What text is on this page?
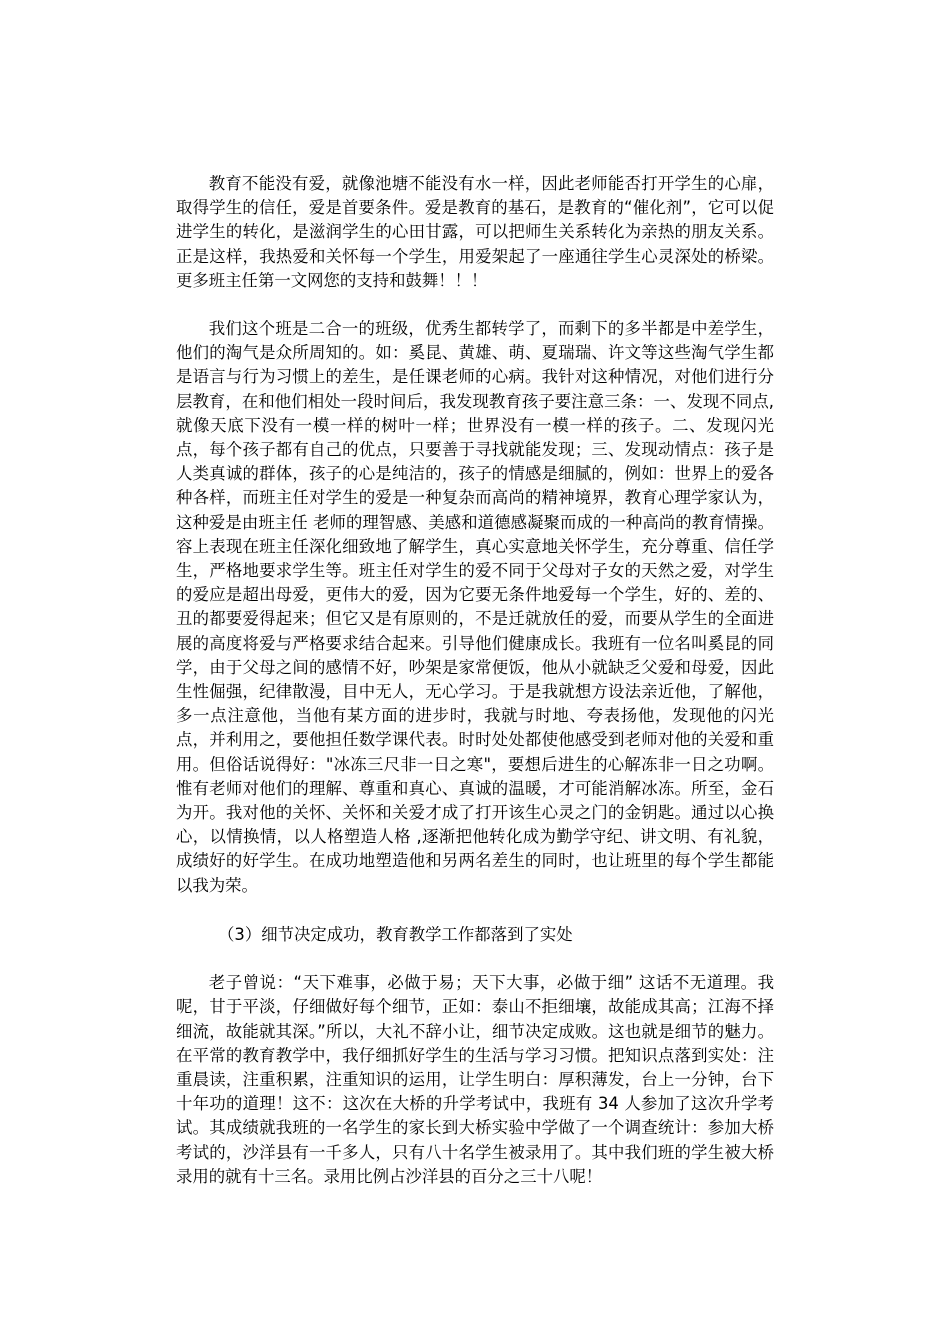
教育不能没有爱，就像池塘不能没有水一样，因此老师能否打开学生的心扉，取得学生的信任，爱是首要条件。爱是教育的基石，是教育的“催化剂”，它可以促进学生的转化，是滋润学生的心田甘露，可以把师生关系转化为亲热的朋友关系。正是这样，我热爱和关怀每一个学生，用爱架起了一座通往学生心灵深处的桥梁。更多班主任第一文网您的支持和鼓舞！！！

我们这个班是二合一的班级，优秀生都转学了，而剩下的多半都是中差学生，他们的淘气是众所周知的。如：奚昆、黄雄、萌、夏瑞瑞、许文等这些淘气学生都是语言与行为习惯上的差生，是任课老师的心病。我针对这种情况，对他们进行分层教育，在和他们相处一段时间后，我发现教育孩子要注意三条：一、发现不同点,就像天底下没有一模一样的树叶一样；世界没有一模一样的孩子。二、发现闪光点，每个孩子都有自己的优点，只要善于寻找就能发现；三、发现动情点：孩子是人类真诚的群体，孩子的心是纯洁的，孩子的情感是细腻的，例如：世界上的爱各种各样，而班主任对学生的爱是一种复杂而高尚的精神境界，教育心理学家认为，这种爱是由班主任 老师的理智感、美感和道德感凝聚而成的一种高尚的教育情操。容上表现在班主任深化细致地了解学生，真心实意地关怀学生，充分尊重、信任学生，严格地要求学生等。班主任对学生的爱不同于父母对子女的天然之爱，对学生的爱应是超出母爱，更伟大的爱，因为它要无条件地爱每一个学生，好的、差的、丑的都要爱得起来；但它又是有原则的，不是迁就放任的爱，而要从学生的全面进展的高度将爱与严格要求结合起来。引导他们健康成长。我班有一位名叫奚昆的同学，由于父母之间的感情不好，吵架是家常便饭，他从小就缺乏父爱和母爱，因此生性倔强，纪律散漫，目中无人，无心学习。于是我就想方设法亲近他，了解他，多一点注意他，当他有某方面的进步时，我就与时地、夸表扬他，发现他的闪光点，并利用之，要他担任数学课代表。时时处处都使他感受到老师对他的关爱和重用。但俗话说得好："冰冻三尺非一日之寒"，要想后进生的心解冻非一日之功啊。惟有老师对他们的理解、尊重和真心、真诚的温暖，才可能消解冰冻。所至，金石为开。我对他的关怀、关怀和关爱才成了打开该生心灵之门的金钥匙。通过以心换心，以情换情，以人格塑造人格 ,逐渐把他转化成为勤学守纪、讲文明、有礼貌，成绩好的好学生。在成功地塑造他和另两名差生的同时，也让班里的每个学生都能以我为荣。

（3）细节决定成功，教育教学工作都落到了实处

老子曾说：“天下难事，必做于易；天下大事，必做于细” 这话不无道理。我呢，甘于平淡，仔细做好每个细节，正如：泰山不拒细壤，故能成其高；江海不择细流，故能就其深。”所以，大礼不辞小让，细节决定成败。这也就是细节的魅力。在平常的教育教学中，我仔细抓好学生的生活与学习习惯。把知识点落到实处：注重晨读，注重积累，注重知识的运用，让学生明白：厚积薄发，台上一分钟，台下十年功的道理！这不：这次在大桥的升学考试中，我班有 34 人参加了这次升学考试。其成绩就我班的一名学生的家长到大桥实验中学做了一个调查统计：参加大桥考试的，沙洋县有一千多人，只有八十名学生被录用了。其中我们班的学生被大桥录用的就有十三名。录用比例占沙洋县的百分之三十八呢！
